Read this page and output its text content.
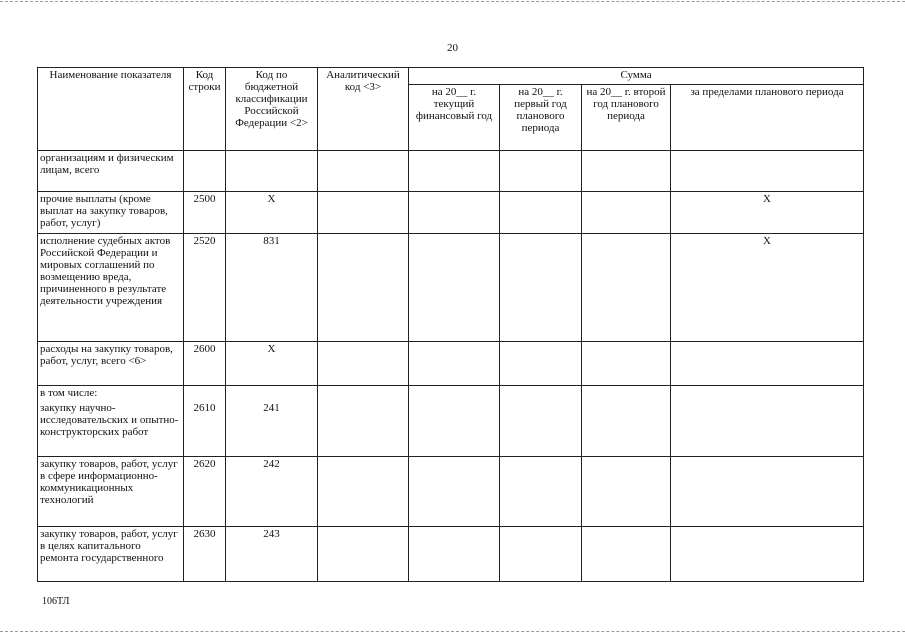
20
Наименование показателя	Код строки	Код по бюджетной классификации Российской Федерации <2>	Аналитический код <3>	Сумма			
				на 20__ г. текущий финансовый год	на 20__ г. первый год планового периода	на 20__ г. второй год планового периода	за пределами планового периода
организациям и физическим лицам, всего							
прочие выплаты (кроме выплат на закупку товаров, работ, услуг)	2500	X					X
исполнение судебных актов Российской Федерации и мировых соглашений по возмещению вреда, причиненного в результате деятельности учреждения	2520	831					X
расходы на закупку товаров, работ, услуг, всего <6>	2600	X					

в том числе:
закупку научно-исследовательских и опытно-конструкторских работ	2610	241					

закупку товаров, работ, услуг в сфере информационно-коммуникационных технологий	2620	242					
закупку товаров, работ, услуг в целях капитального ремонта государственного	2630	243					
106ТЛ
